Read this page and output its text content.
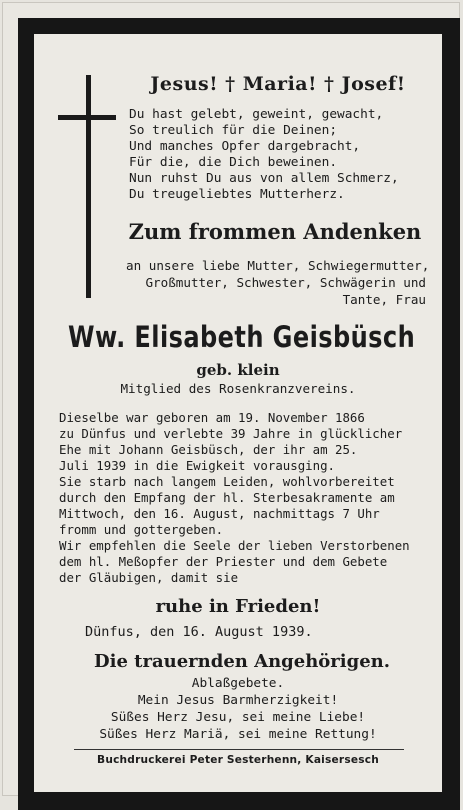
Jesus! † Maria! † Josef!
Du hast gelebt, geweint, gewacht,
So treulich für die Deinen;
Und manches Opfer dargebracht,
Für die, die Dich beweinen.
Nun ruhst Du aus von allem Schmerz,
Du treugeliebtes Mutterherz.
Zum frommen Andenken
an unsere liebe Mutter, Schwiegermutter,
Großmutter, Schwester, Schwägerin und
Tante, Frau
Ww. Elisabeth Geisbüsch
geb. klein
Mitglied des Rosenkranzvereins.
Dieselbe war geboren am 19. November 1866
zu Dünfus und verlebte 39 Jahre in glücklicher
Ehe mit Johann Geisbüsch, der ihr am 25.
Juli 1939 in die Ewigkeit vorausging.
Sie starb nach langem Leiden, wohlvorbereitet
durch den Empfang der hl. Sterbesakramente am
Mittwoch, den 16. August, nachmittags 7 Uhr
fromm und gottergeben.
Wir empfehlen die Seele der lieben Verstorbenen
dem hl. Meßopfer der Priester und dem Gebete
der Gläubigen, damit sie
ruhe in Frieden!
Dünfus, den 16. August 1939.
Die trauernden Angehörigen.
Ablaßgebete.
Mein Jesus Barmherzigkeit!
Süßes Herz Jesu, sei meine Liebe!
Süßes Herz Mariä, sei meine Rettung!
Buchdruckerei Peter Sesterhenn, Kaisersesch
